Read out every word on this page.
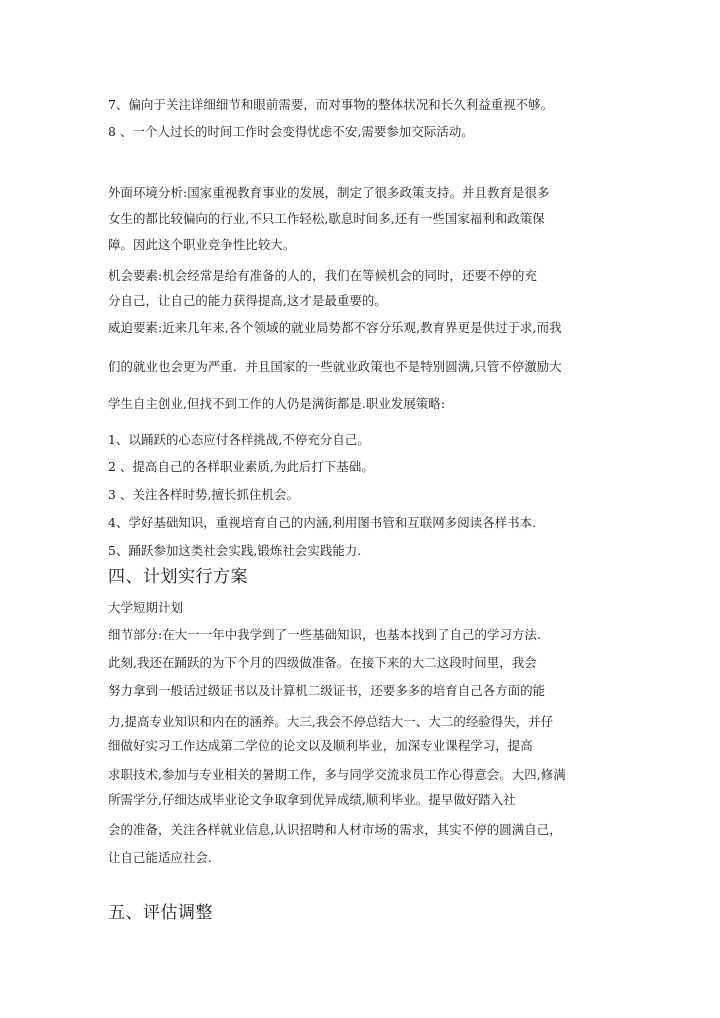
7、偏向于关注详细细节和眼前需要，而对事物的整体状况和长久利益重视不够。

8 、一个人过长的时间工作时会变得忧虑不安,需要参加交际活动。

外面环境分析:国家重视教育事业的发展，制定了很多政策支持。并且教育是很多

女生的都比较偏向的行业,不只工作轻松,歇息时间多,还有一些国家福利和政策保

障。因此这个职业竞争性比较大。

机会要素:机会经常是给有准备的人的，我们在等候机会的同时，还要不停的充

分自己，让自己的能力获得提高,这才是最重要的。

威迫要素:近来几年来,各个领域的就业局势都不容分乐观,教育界更是供过于求,而我

们的就业也会更为严重．并且国家的一些就业政策也不是特别圆满,只管不停激励大

学生自主创业,但找不到工作的人仍是满街都是.职业发展策略:

1、以踊跃的心态应付各样挑战,不停充分自己。

2 、提高自己的各样职业素质,为此后打下基础。

3 、关注各样时势,擅长抓住机会。

4、学好基础知识，重视培育自己的内涵,利用图书管和互联网多阅读各样书本.

5、踊跃参加这类社会实践,锻炼社会实践能力.

四、计划实行方案

大学短期计划

细节部分:在大一一年中我学到了一些基础知识，也基本找到了自己的学习方法.

此刻,我还在踊跃的为下个月的四级做准备。在接下来的大二这段时间里，我会

努力拿到一般话过级证书以及计算机二级证书，还要多多的培育自己各方面的能

力,提高专业知识和内在的涵养。大三,我会不停总结大一、大二的经验得失，并仔

细做好实习工作达成第二学位的论文以及顺利毕业，加深专业课程学习，提高

求职技术,参加与专业相关的暑期工作，多与同学交流求员工作心得意会。大四,修满

所需学分,仔细达成毕业论文争取拿到优异成绩,顺利毕业。提早做好踏入社

会的准备，关注各样就业信息,认识招聘和人材市场的需求，其实不停的圆满自己，

让自己能适应社会.

五、评估调整
